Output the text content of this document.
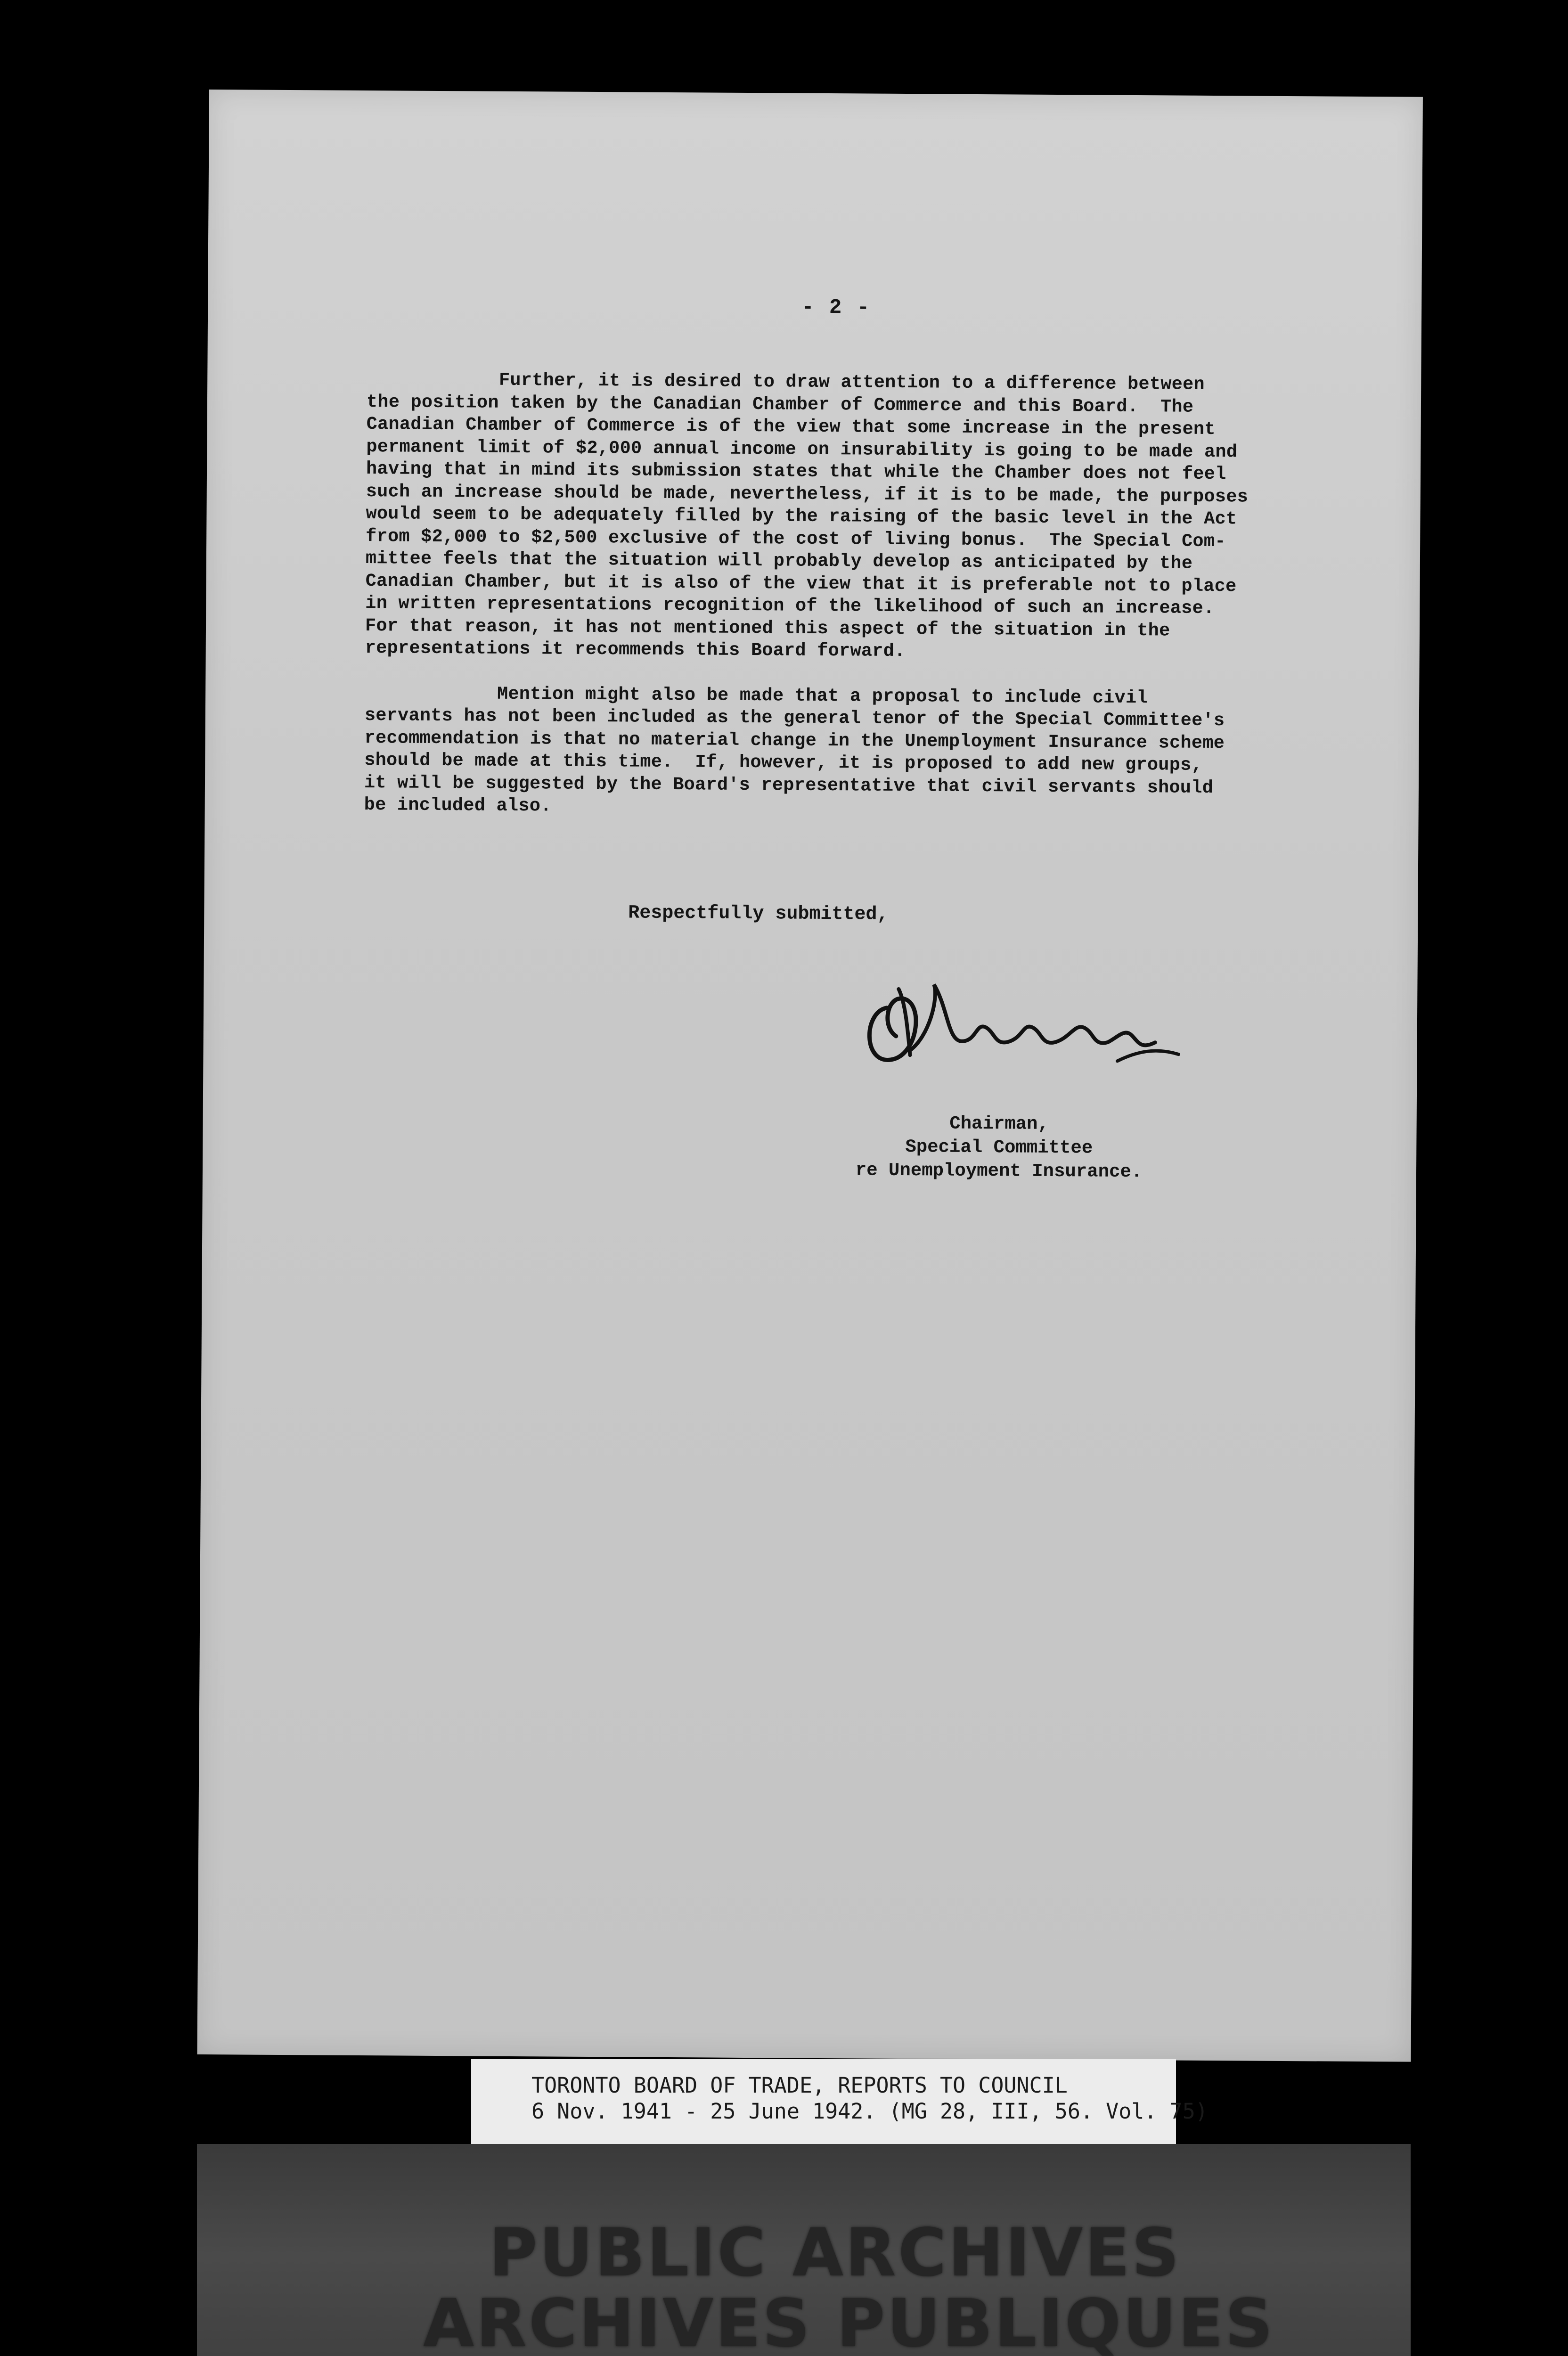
- 2 -

Further, it is desired to draw attention to a difference between
the position taken by the Canadian Chamber of Commerce and this Board.  The
Canadian Chamber of Commerce is of the view that some increase in the present
permanent limit of $2,000 annual income on insurability is going to be made and
having that in mind its submission states that while the Chamber does not feel
such an increase should be made, nevertheless, if it is to be made, the purposes
would seem to be adequately filled by the raising of the basic level in the Act
from $2,000 to $2,500 exclusive of the cost of living bonus.  The Special Com-
mittee feels that the situation will probably develop as anticipated by the
Canadian Chamber, but it is also of the view that it is preferable not to place
in written representations recognition of the likelihood of such an increase.
For that reason, it has not mentioned this aspect of the situation in the
representations it recommends this Board forward.

Mention might also be made that a proposal to include civil
servants has not been included as the general tenor of the Special Committee's
recommendation is that no material change in the Unemployment Insurance scheme
should be made at this time.  If, however, it is proposed to add new groups,
it will be suggested by the Board's representative that civil servants should
be included also.

Respectfully submitted,
Chairman,
Special Committee
re Unemployment Insurance.
TORONTO BOARD OF TRADE, REPORTS TO COUNCIL
6 Nov. 1941 - 25 June 1942. (MG 28, III, 56. Vol. 75)
PUBLIC ARCHIVES
ARCHIVES PUBLIQUES
